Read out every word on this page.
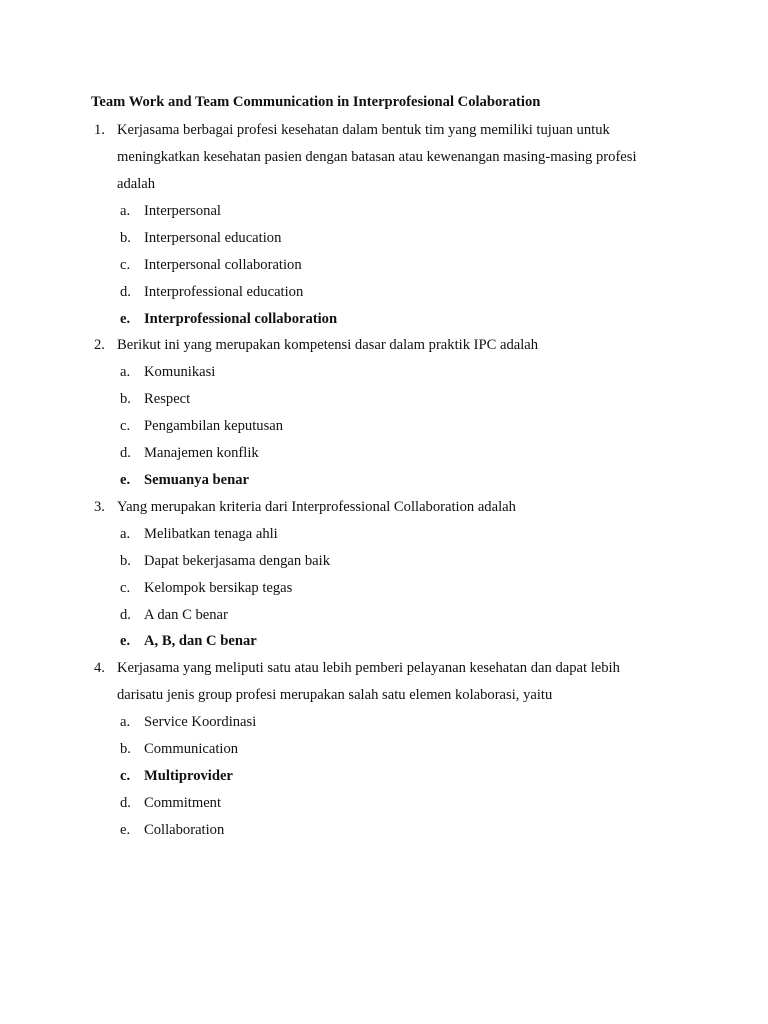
Team Work and Team Communication in Interprofesional Colaboration
1. Kerjasama berbagai profesi kesehatan dalam bentuk tim yang memiliki tujuan untuk meningkatkan kesehatan pasien dengan batasan atau kewenangan masing-masing profesi adalah
a. Interpersonal
b. Interpersonal education
c. Interpersonal collaboration
d. Interprofessional education
e. Interprofessional collaboration
2. Berikut ini yang merupakan kompetensi dasar dalam praktik IPC adalah
a. Komunikasi
b. Respect
c. Pengambilan keputusan
d. Manajemen konflik
e. Semuanya benar
3. Yang merupakan kriteria dari Interprofessional Collaboration adalah
a. Melibatkan tenaga ahli
b. Dapat bekerjasama dengan baik
c. Kelompok bersikap tegas
d. A dan C benar
e. A, B, dan C benar
4. Kerjasama yang meliputi satu atau lebih pemberi pelayanan kesehatan dan dapat lebih darisatu jenis group profesi merupakan salah satu elemen kolaborasi, yaitu
a. Service Koordinasi
b. Communication
c. Multiprovider
d. Commitment
e. Collaboration
